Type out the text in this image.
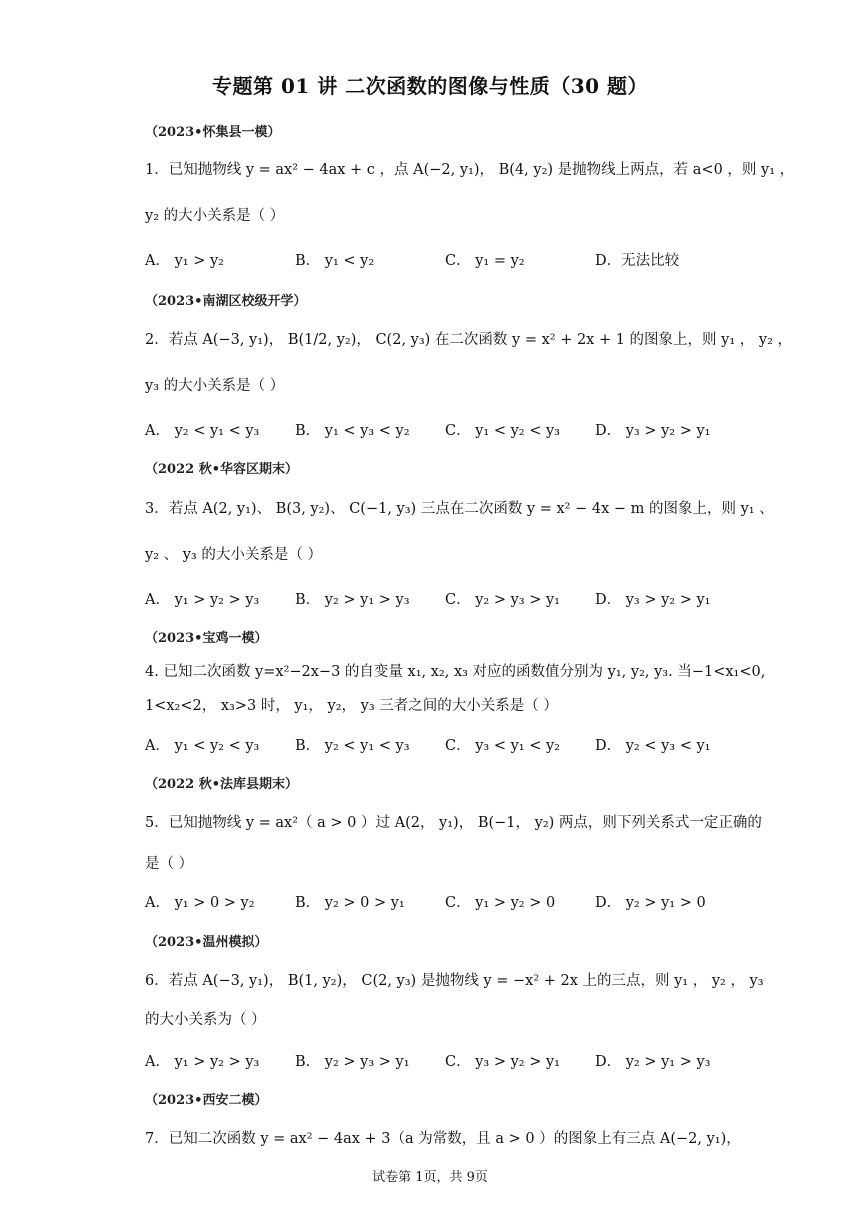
专题第 01 讲 二次函数的图像与性质（30 题）
（2023•怀集县一模）
1．已知抛物线 y = ax² − 4ax + c ，点 A(−2, y₁)， B(4, y₂) 是抛物线上两点，若 a<0 ，则 y₁ ，
y₂ 的大小关系是（ ）
A． y₁ > y₂	B． y₁ < y₂	C． y₁ = y₂	D．无法比较
（2023•南湖区校级开学）
2．若点 A(−3, y₁)， B(1/2, y₂)， C(2, y₃) 在二次函数 y = x² + 2x + 1 的图象上，则 y₁ ， y₂ ，
y₃ 的大小关系是（ ）
A． y₂ < y₁ < y₃ B． y₁ < y₃ < y₂ C． y₁ < y₂ < y₃ D． y₃ > y₂ > y₁
（2022 秋•华容区期末）
3．若点 A(2, y₁)、 B(3, y₂)、 C(−1, y₃) 三点在二次函数 y = x² − 4x − m 的图象上，则 y₁ 、
y₂ 、 y₃ 的大小关系是（ ）
A． y₁ > y₂ > y₃ B． y₂ > y₁ > y₃ C． y₂ > y₃ > y₁ D． y₃ > y₂ > y₁
（2023•宝鸡一模）
4. 已知二次函数 y=x²−2x−3 的自变量 x₁, x₂, x₃ 对应的函数值分别为 y₁, y₂, y₃. 当−1<x₁<0,
1<x₂<2， x₃>3 时， y₁， y₂， y₃ 三者之间的大小关系是（ ）
A． y₁ < y₂ < y₃ B． y₂ < y₁ < y₃ C． y₃ < y₁ < y₂ D． y₂ < y₃ < y₁
（2022 秋•法库县期末）
5．已知抛物线 y = ax²（ a > 0 ）过 A(2， y₁)， B(−1， y₂) 两点，则下列关系式一定正确的
是（ ）
A． y₁ > 0 > y₂	B． y₂ > 0 > y₁	C． y₁ > y₂ > 0	D． y₂ > y₁ > 0
（2023•温州模拟）
6．若点 A(−3, y₁)， B(1, y₂)， C(2, y₃) 是抛物线 y = −x² + 2x 上的三点，则 y₁ ， y₂ ， y₃
的大小关系为（ ）
A． y₁ > y₂ > y₃ B． y₂ > y₃ > y₁ C． y₃ > y₂ > y₁ D． y₂ > y₁ > y₃
（2023•西安二模）
7．已知二次函数 y = ax² − 4ax + 3（a 为常数，且 a > 0 ）的图象上有三点 A(−2, y₁)，
试卷第 1页，共 9页
